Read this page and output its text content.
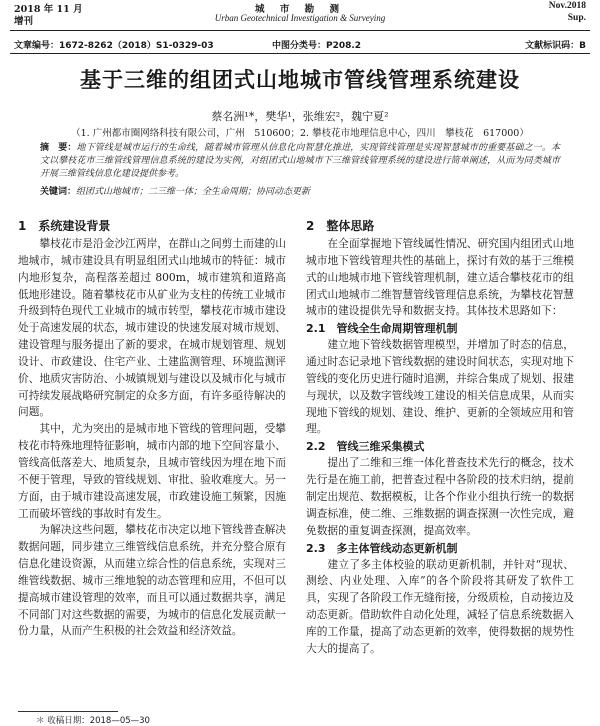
2018 年 11 月
增刊
城 市 勘 测
Urban Geotechnical Investigation & Surveying
Nov.2018
Sup.
文章编号：1672-8262（2018）S1-0329-03	中图分类号：P208.2	文献标识码：B
基于三维的组团式山地城市管线管理系统建设
蔡名洲¹*，樊华¹，张维宏²，魏宁夏²
（1. 广州都市圈网络科技有限公司，广州　510600；2. 攀枝花市地理信息中心，四川　攀枝花　617000）
摘　要：地下管线是城市运行的生命线，随着城市管理从信息化向智慧化推进，实现管线管理是实现智慧城市的重要基础之一。本文以攀枝花市三维管线管理信息系统的建设为实例，对组团式山地城市下三维管线管理系统的建设进行简单阐述，从而为同类城市开展三维管线信息化建设提供参考。
关键词：组团式山地城市；二三维一体；全生命周期；协同动态更新
1　系统建设背景

攀枝花市是沿金沙江两岸，在群山之间剪土而建的山地城市，城市建设具有明显组团式山地城市的特征：城市内地形复杂，高程落差超过 800m，城市建筑和道路高低地形建设。随着攀枝花市从矿业为支柱的传统工业城市升级到特色现代工业城市的城市转型，攀枝花市城市建设处于高速发展的状态，城市建设的快速发展对城市规划、建设管理与服务提出了新的要求，在城市规划管理、规划设计、市政建设、住宅产业、土建监测管理、环境监测评价、地质灾害防治、小城镇规划与建设以及城市化与城市可持续发展战略研究制定的众多方面，有许多亟待解决的问题。

其中，尤为突出的是城市地下管线的管理问题，受攀枝花市特殊地理特征影响，城市内部的地下空间容量小、管线高低落差大、地质复杂，且城市管线因为埋在地下而不便于管理，导致的管线规划、审批、验收难度大。另一方面，由于城市建设高速发展，市政建设施工频繁，因施工而破坏管线的事故时有发生。

为解决这些问题，攀枝花市决定以地下管线普查解决数据问题，同步建立三维管线信息系统，并充分整合原有信息化建设资源，从而建立综合性的信息系统，实现对三维管线数据、城市三维地貌的动态管理和应用，不但可以提高城市建设管理的效率，而且可以通过数据共享，满足不同部门对这些数据的需要，为城市的信息化发展贡献一份力量，从而产生积极的社会效益和经济效益。

2　整体思路

在全面掌握地下管线属性情况、研究国内组团式山地城市地下管线管理共性的基础上，探讨有效的基于三维模式的山地城市地下管线管理机制，建立适合攀枝花市的组团式山地城市二维智慧管线管理信息系统，为攀枝花智慧城市的建设提供先导和数据支持。其体技术思路如下：

2.1　管线全生命周期管理机制

建立地下管线数据管理模型，并增加了时态的信息，通过时态记录地下管线数据的建设时间状态，实现对地下管线的变化历史进行随时追溯，并综合集成了规划、报建与现状，以及数字管线竣工建设的相关信息成果，从而实现地下管线的规划、建设、维护、更新的全领域应用和管理。

2.2　管线三维采集模式

提出了二维和三维一体化普查技术先行的概念，技术先行是在施工前，把普查过程中各阶段的技术归纳，提前制定出规范、数据模板，让各个作业小组执行统一的数据调查标准，使二维、三维数据的调查探测一次性完成，避免数据的重复调查探测，提高效率。

2.3　多主体管线动态更新机制

建立了多主体校验的联动更新机制，并针对“现状、测绘、内业处理、入库”的各个阶段将其研发了软件工具，实现了各阶段工作无缝衔接，分级质检，自动接边及动态更新。借助软件自动化处理，减轻了信息系统数据入库的工作量，提高了动态更新的效率，使得数据的规势性大大的提高了。

＊ 收稿日期：2018—05—30
